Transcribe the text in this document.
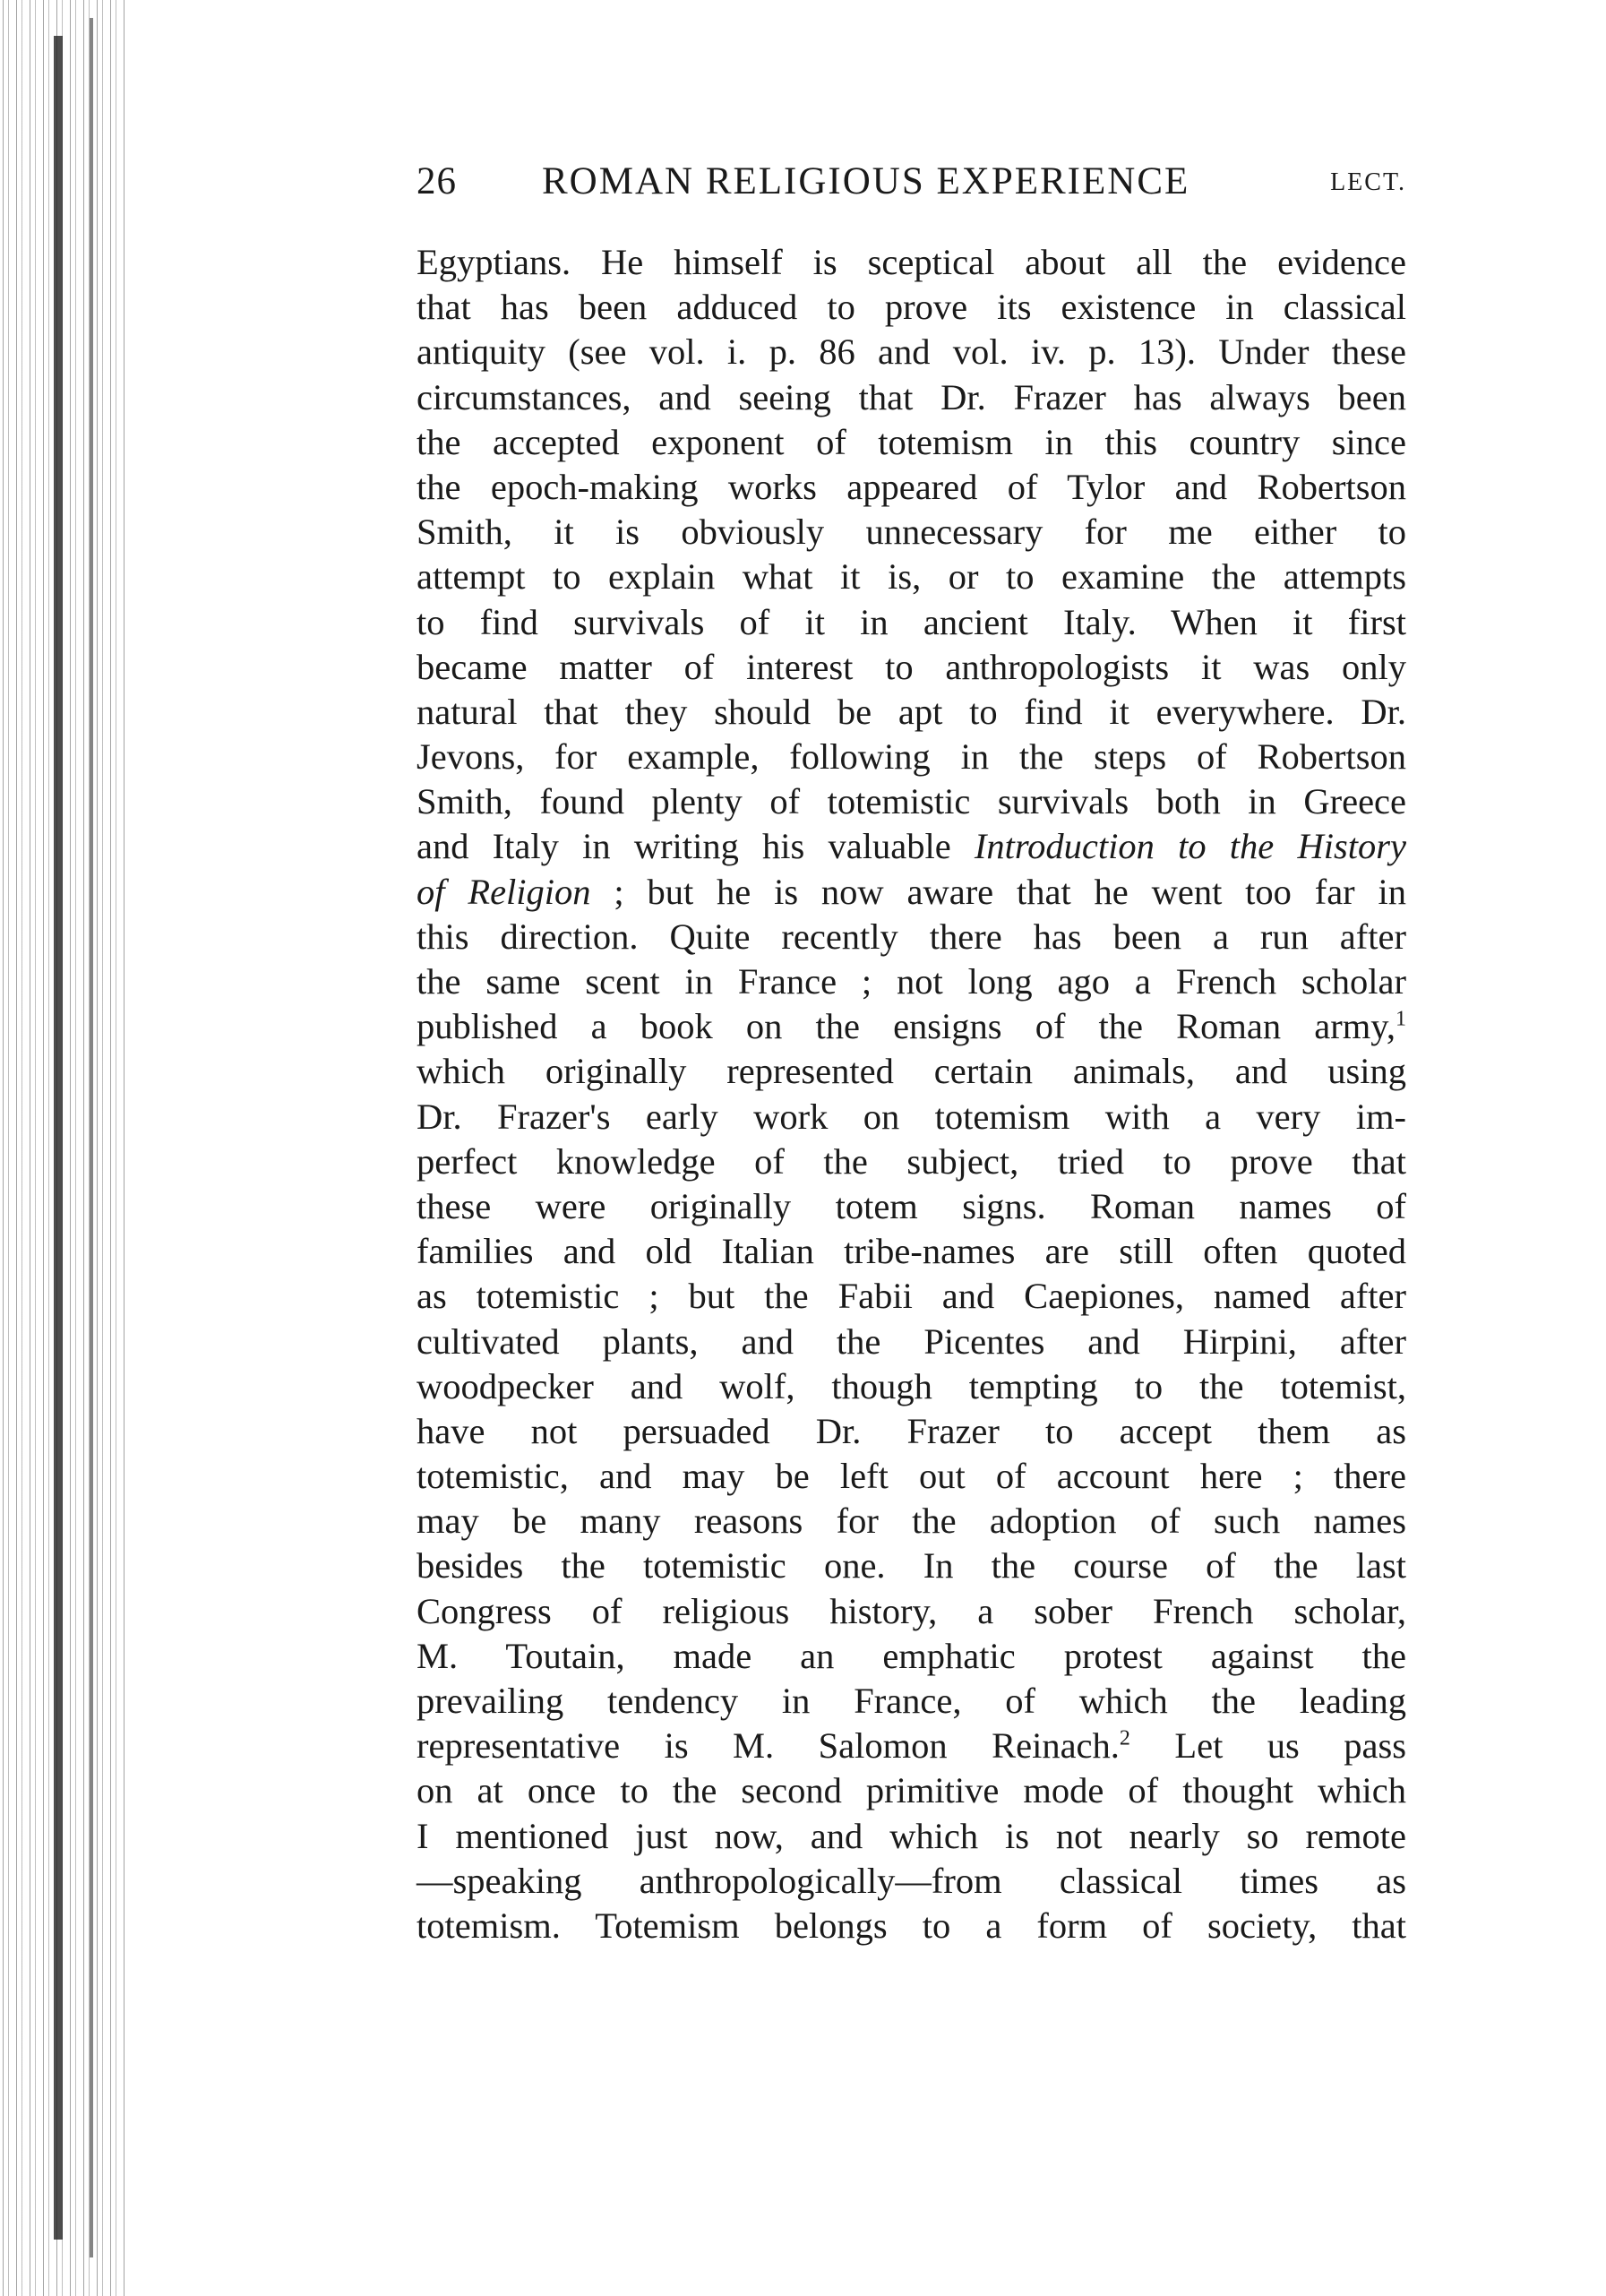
26 ROMAN RELIGIOUS EXPERIENCE	LECT.
Egyptians. He himself is sceptical about all the evidence
that has been adduced to prove its existence in classical
antiquity (see vol. i. p. 86 and vol. iv. p. 13). Under these
circumstances, and seeing that Dr. Frazer has always been
the accepted exponent of totemism in this country since
the epoch-making works appeared of Tylor and Robertson
Smith, it is obviously unnecessary for me either to
attempt to explain what it is, or to examine the attempts
to find survivals of it in ancient Italy. When it first
became matter of interest to anthropologists it was only
natural that they should be apt to find it everywhere. Dr.
Jevons, for example, following in the steps of Robertson
Smith, found plenty of totemistic survivals both in Greece
and Italy in writing his valuable Introduction to the History
of Religion ; but he is now aware that he went too far in
this direction. Quite recently there has been a run after
the same scent in France ; not long ago a French scholar
published a book on the ensigns of the Roman army,$^1$
which originally represented certain animals, and using
Dr. Frazer's early work on totemism with a very im-
perfect knowledge of the subject, tried to prove that
these were originally totem signs. Roman names of
families and old Italian tribe-names are still often quoted
as totemistic ; but the Fabii and Caepiones, named after
cultivated plants, and the Picentes and Hirpini, after
woodpecker and wolf, though tempting to the totemist,
have not persuaded Dr. Frazer to accept them as
totemistic, and may be left out of account here ; there
may be many reasons for the adoption of such names
besides the totemistic one. In the course of the last
Congress of religious history, a sober French scholar,
M. Toutain, made an emphatic protest against the
prevailing tendency in France, of which the leading
representative is M. Salomon Reinach.$^2$ Let us pass
on at once to the second primitive mode of thought which
I mentioned just now, and which is not nearly so remote
—speaking anthropologically—from classical times as
totemism. Totemism belongs to a form of society, that
